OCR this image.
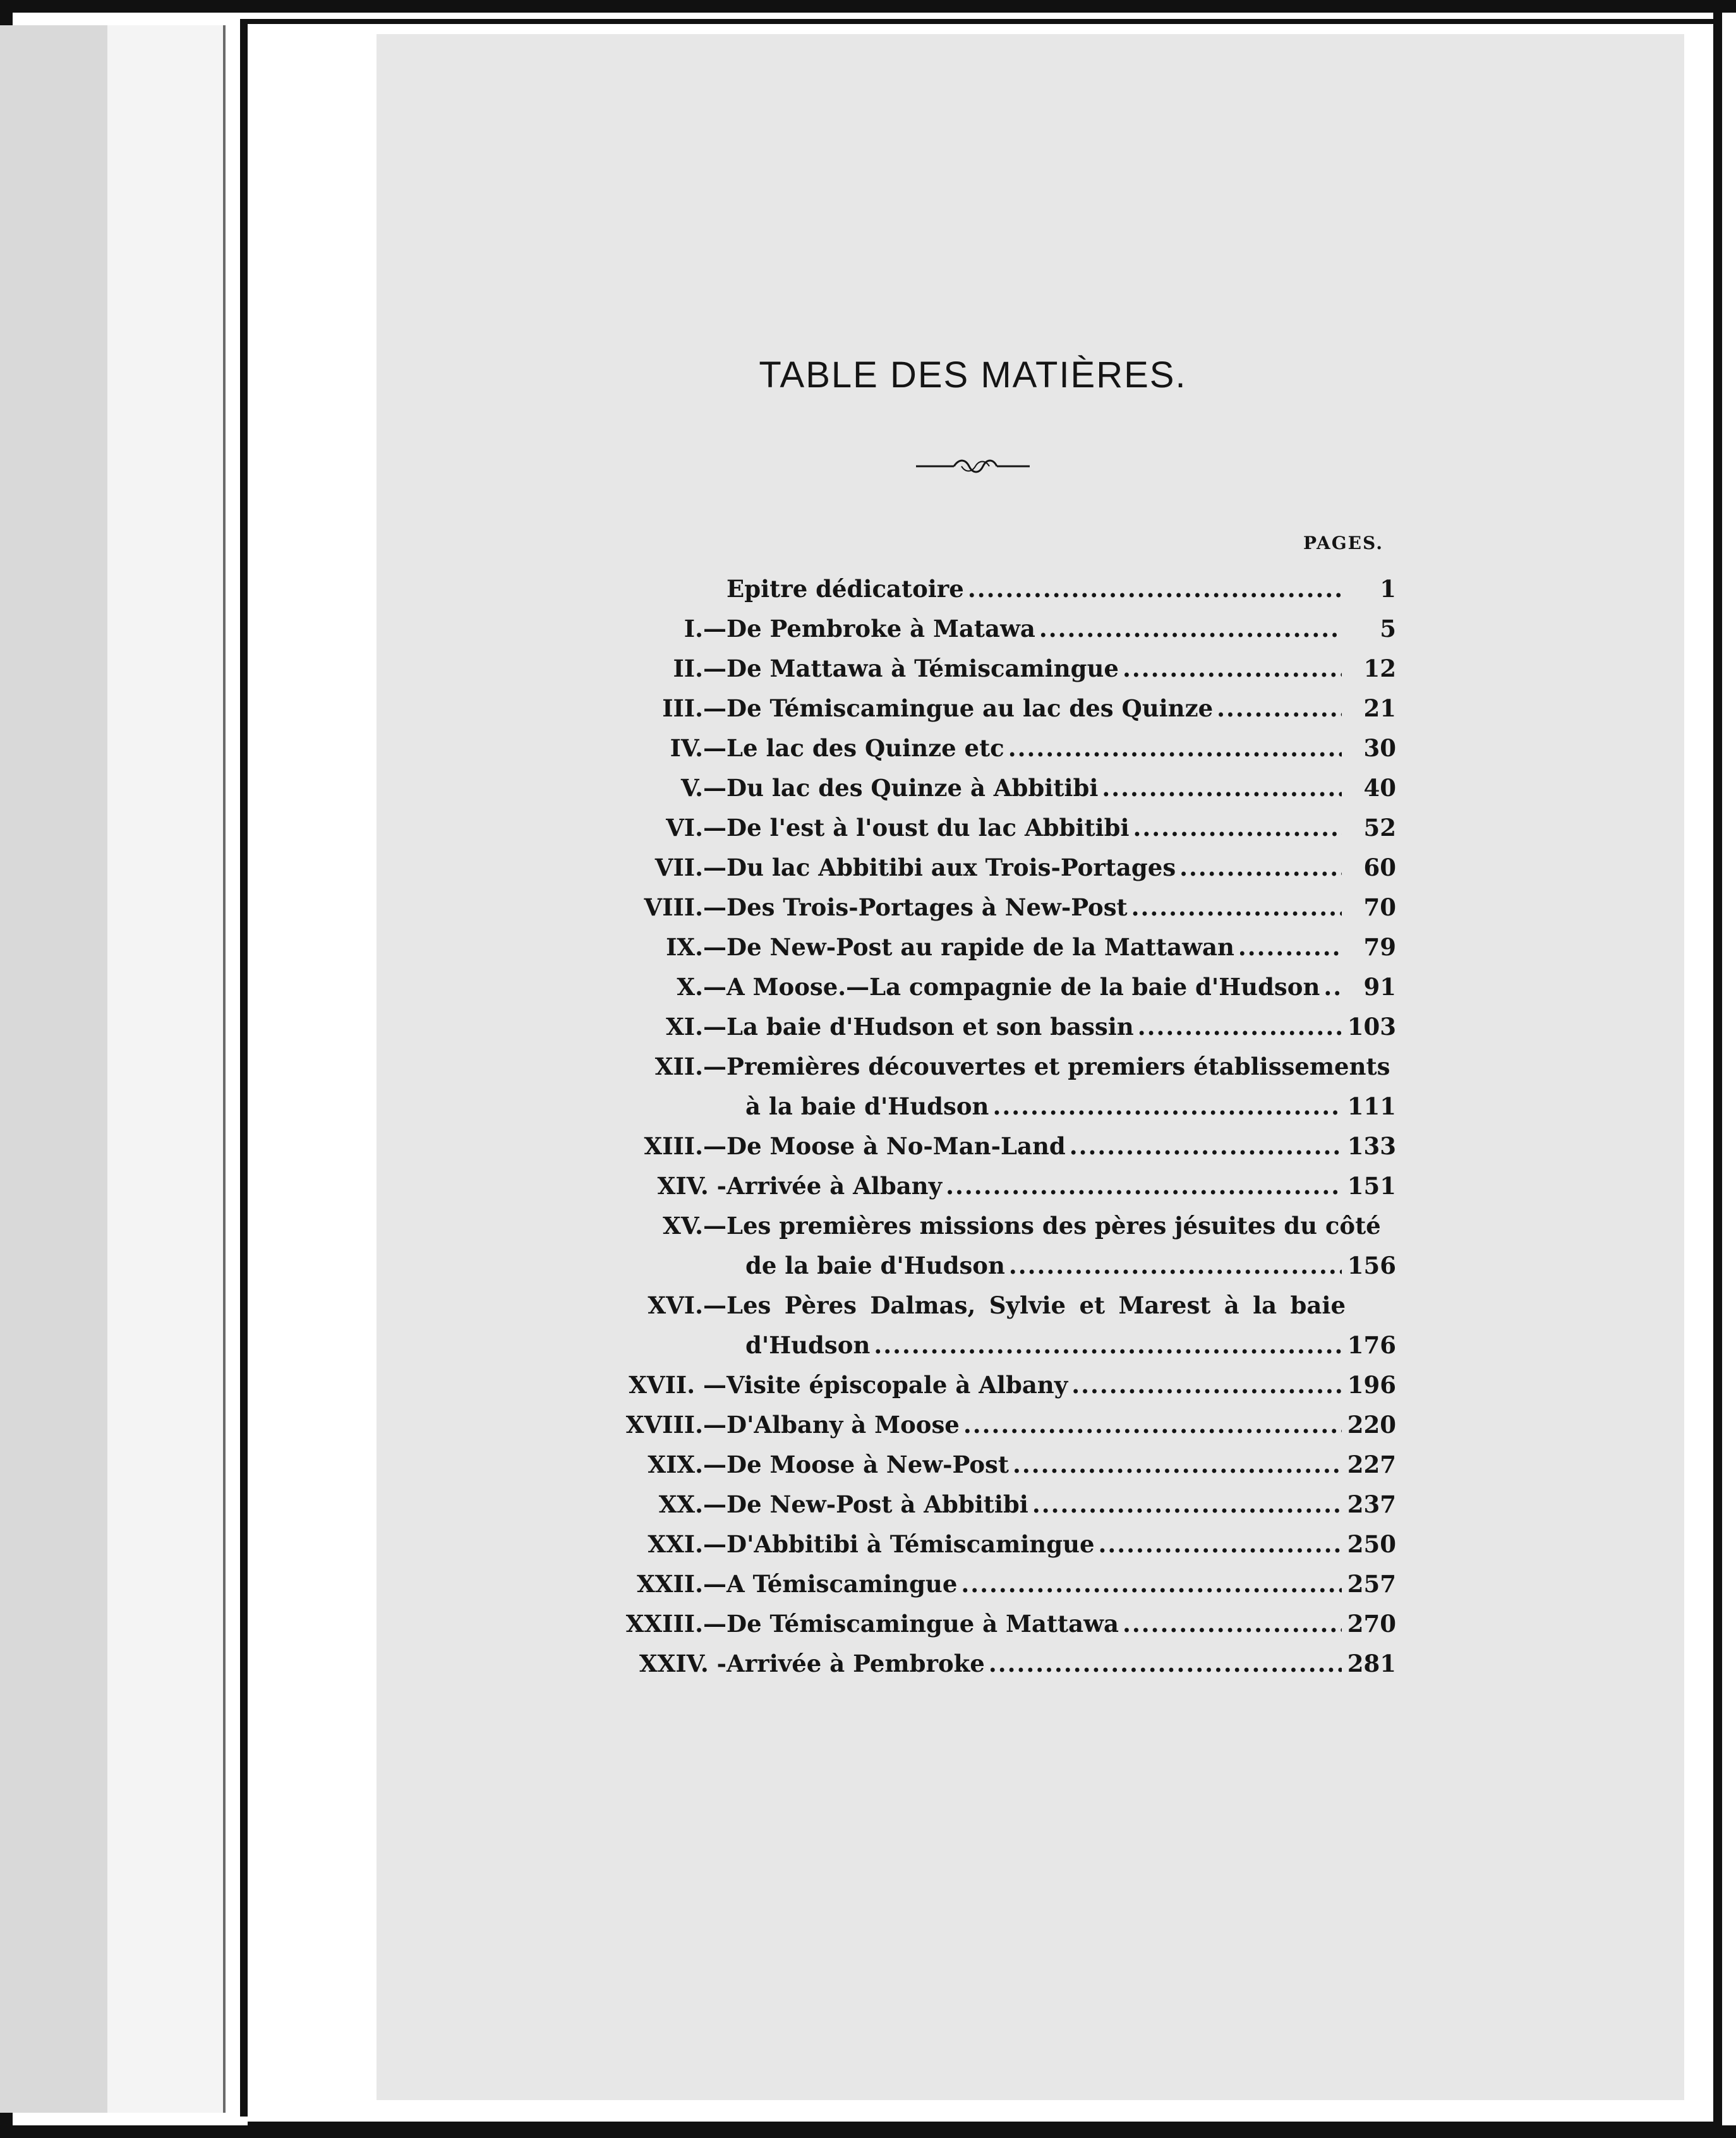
TABLE DES MATIÈRES.
PAGES.
Epitre dédicatoire .....	1
I.— De Pembroke à Matawa .....	5
II.— De Mattawa à Témiscamingue .....	12
III.— De Témiscamingue au lac des Quinze .....	21
IV.— Le lac des Quinze etc .....	30
V.— Du lac des Quinze à Abbitibi .....	40
VI.— De l'est à l'oust du lac Abbitibi .....	52
VII.— Du lac Abbitibi aux Trois-Portages .....	60
VIII.— Des Trois-Portages à New-Post .....	70
IX.— De New-Post au rapide de la Mattawan .....	79
X.— A Moose.—La compagnie de la baie d'Hudson .....	91
XI.— La baie d'Hudson et son bassin .....	103
XII.— Premières découvertes et premiers établissements
à la baie d'Hudson .....	111
XIII.— De Moose à No-Man-Land .....	133
XIV. - Arrivée à Albany .....	151
XV.— Les premières missions des pères jésuites du côté
de la baie d'Hudson .....	156
XVI.— Les Pères Dalmas, Sylvie et Marest à la baie
d'Hudson .....	176
XVII. — Visite épiscopale à Albany .....	196
XVIII.— D'Albany à Moose .....	220
XIX.— De Moose à New-Post .....	227
XX.— De New-Post à Abbitibi .....	237
XXI.— D'Abbitibi à Témiscamingue .....	250
XXII.— A Témiscamingue .....	257
XXIII.— De Témiscamingue à Mattawa .....	270
XXIV. - Arrivée à Pembroke .....	281
